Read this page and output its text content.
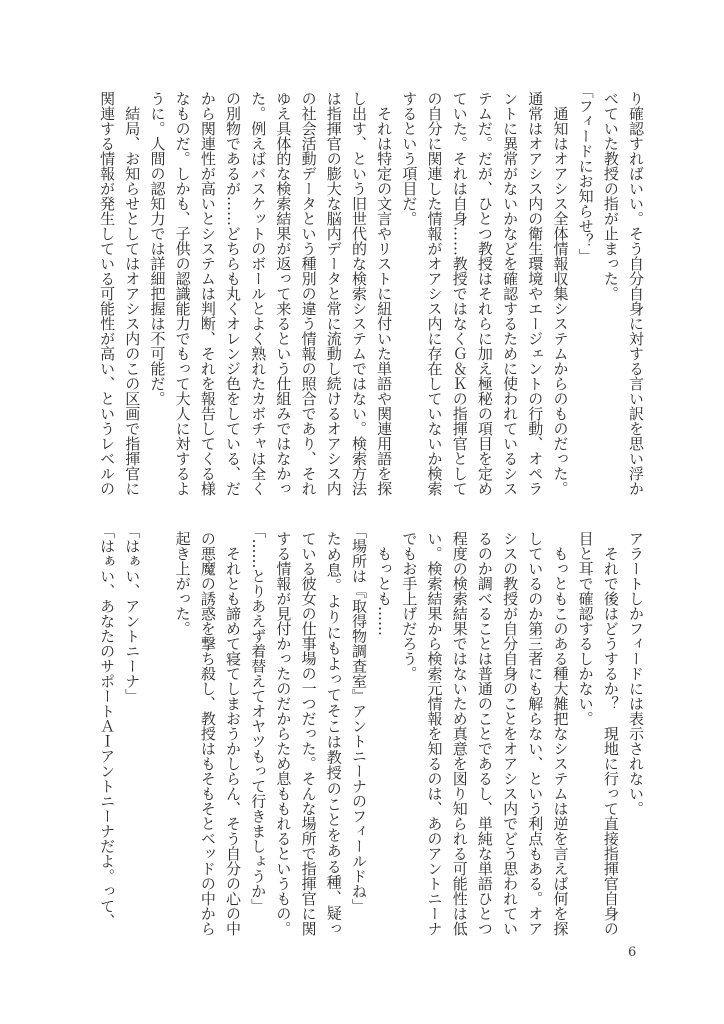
り確認すればいい。そう自分自身に対する言い訳を思い浮か
べていた教授の指が止まった。
「フィードにお知らせ？」
　通知はオアシス全体情報収集システムからのものだった。
通常はオアシス内の衛生環境やエージェントの行動、オペラ
ントに異常がないかなどを確認するために使われているシス
テムだ。だが、ひとつ教授はそれらに加え極秘の項目を定め
ていた。それは自身……教授ではなくＧ＆Ｋの指揮官として
の自分に関連した情報がオアシス内に存在していないか検索
するという項目だ。
　それは特定の文言やリストに紐付いた単語や関連用語を探
し出す、という旧世代的な検索システムではない。検索方法
は指揮官の膨大な脳内データと常に流動し続けるオアシス内
の社会活動データという種別の違う情報の照合であり、それ
ゆえ具体的な検索結果が返って来るという仕組みではなかっ
た。例えばバスケットのボールとよく熟れたカボチャは全く
の別物であるが……どちらも丸くオレンジ色をしている、だ
から関連性が高いとシステムは判断、それを報告してくる様
なものだ。しかも、子供の認識能力でもって大人に対するよ
うに。人間の認知力では詳細把握は不可能だ。
　結局、お知らせとしてはオアシス内のこの区画で指揮官に
関連する情報が発生している可能性が高い、というレベルの
アラートしかフィードには表示されない。
　それで後はどうするか？　現地に行って直接指揮官自身の
目と耳で確認するしかない。
　もっともこのある種大雑把なシステムは逆を言えば何を探
しているのか第三者にも解らない、という利点もある。オア
シスの教授が自分自身のことをオアシス内でどう思われてい
るのか調べることは普通のことであるし、単純な単語ひとつ
程度の検索結果ではないため真意を図り知られる可能性は低
い。検索結果から検索元情報を知るのは、あのアントニーナ
でもお手上げだろう。
　もっとも……
「場所は『取得物調査室』アントニーナのフィールドね」
ため息。よりにもよってそこは教授のことをある種、疑っ
ている彼女の仕事場の一つだった。そんな場所で指揮官に関
する情報が見付かったのだからため息ももれるというもの。
「……とりあえず着替えてオヤツもって行きましょうか」
　それとも諦めて寝てしまおうかしらん、そう自分の心の中
の悪魔の誘惑を撃ち殺し、教授はもそもそとベッドの中から
起き上がった。
「はぁい、アントニーナ」
「はぁい、あなたのサポートＡＩアントニーナだよ。って、
6
